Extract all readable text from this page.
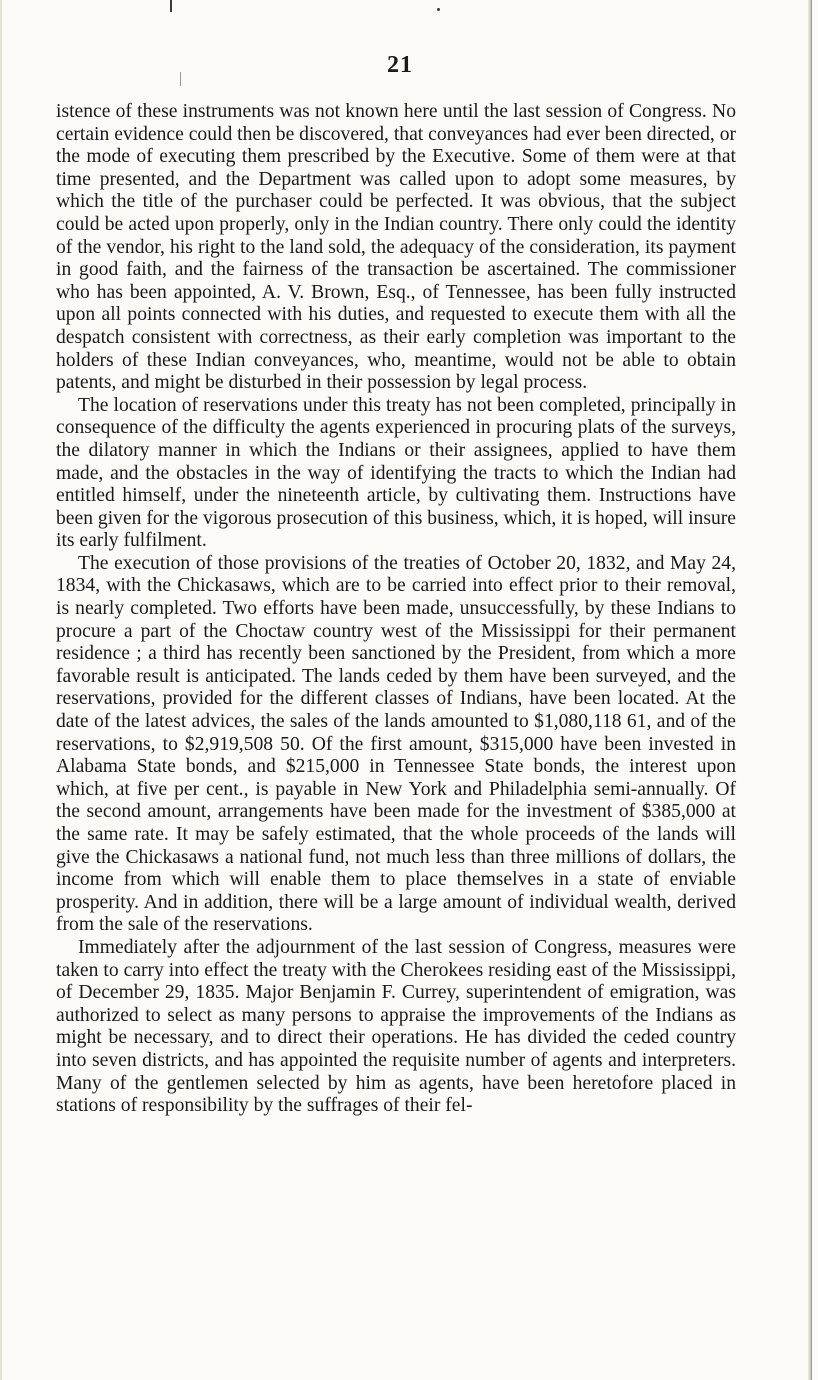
21

istence of these instruments was not known here until the last session of Congress. No certain evidence could then be discovered, that conveyances had ever been directed, or the mode of executing them prescribed by the Executive. Some of them were at that time presented, and the Department was called upon to adopt some measures, by which the title of the purchaser could be perfected. It was obvious, that the subject could be acted upon properly, only in the Indian country. There only could the identity of the vendor, his right to the land sold, the adequacy of the consideration, its payment in good faith, and the fairness of the transaction be ascertained. The commissioner who has been appointed, A. V. Brown, Esq., of Tennessee, has been fully instructed upon all points connected with his duties, and requested to execute them with all the despatch consistent with correctness, as their early completion was important to the holders of these Indian conveyances, who, meantime, would not be able to obtain patents, and might be disturbed in their possession by legal process.

The location of reservations under this treaty has not been completed, principally in consequence of the difficulty the agents experienced in procuring plats of the surveys, the dilatory manner in which the Indians or their assignees, applied to have them made, and the obstacles in the way of identifying the tracts to which the Indian had entitled himself, under the nineteenth article, by cultivating them. Instructions have been given for the vigorous prosecution of this business, which, it is hoped, will insure its early fulfilment.

The execution of those provisions of the treaties of October 20, 1832, and May 24, 1834, with the Chickasaws, which are to be carried into effect prior to their removal, is nearly completed. Two efforts have been made, unsuccessfully, by these Indians to procure a part of the Choctaw country west of the Mississippi for their permanent residence ; a third has recently been sanctioned by the President, from which a more favorable result is anticipated. The lands ceded by them have been surveyed, and the reservations, provided for the different classes of Indians, have been located. At the date of the latest advices, the sales of the lands amounted to $1,080,118 61, and of the reservations, to $2,919,508 50. Of the first amount, $315,000 have been invested in Alabama State bonds, and $215,000 in Tennessee State bonds, the interest upon which, at five per cent., is payable in New York and Philadelphia semi-annually. Of the second amount, arrangements have been made for the investment of $385,000 at the same rate. It may be safely estimated, that the whole proceeds of the lands will give the Chickasaws a national fund, not much less than three millions of dollars, the income from which will enable them to place themselves in a state of enviable prosperity. And in addition, there will be a large amount of individual wealth, derived from the sale of the reservations.

Immediately after the adjournment of the last session of Congress, measures were taken to carry into effect the treaty with the Cherokees residing east of the Mississippi, of December 29, 1835. Major Benjamin F. Currey, superintendent of emigration, was authorized to select as many persons to appraise the improvements of the Indians as might be necessary, and to direct their operations. He has divided the ceded country into seven districts, and has appointed the requisite number of agents and interpreters. Many of the gentlemen selected by him as agents, have been heretofore placed in stations of responsibility by the suffrages of their fel-
